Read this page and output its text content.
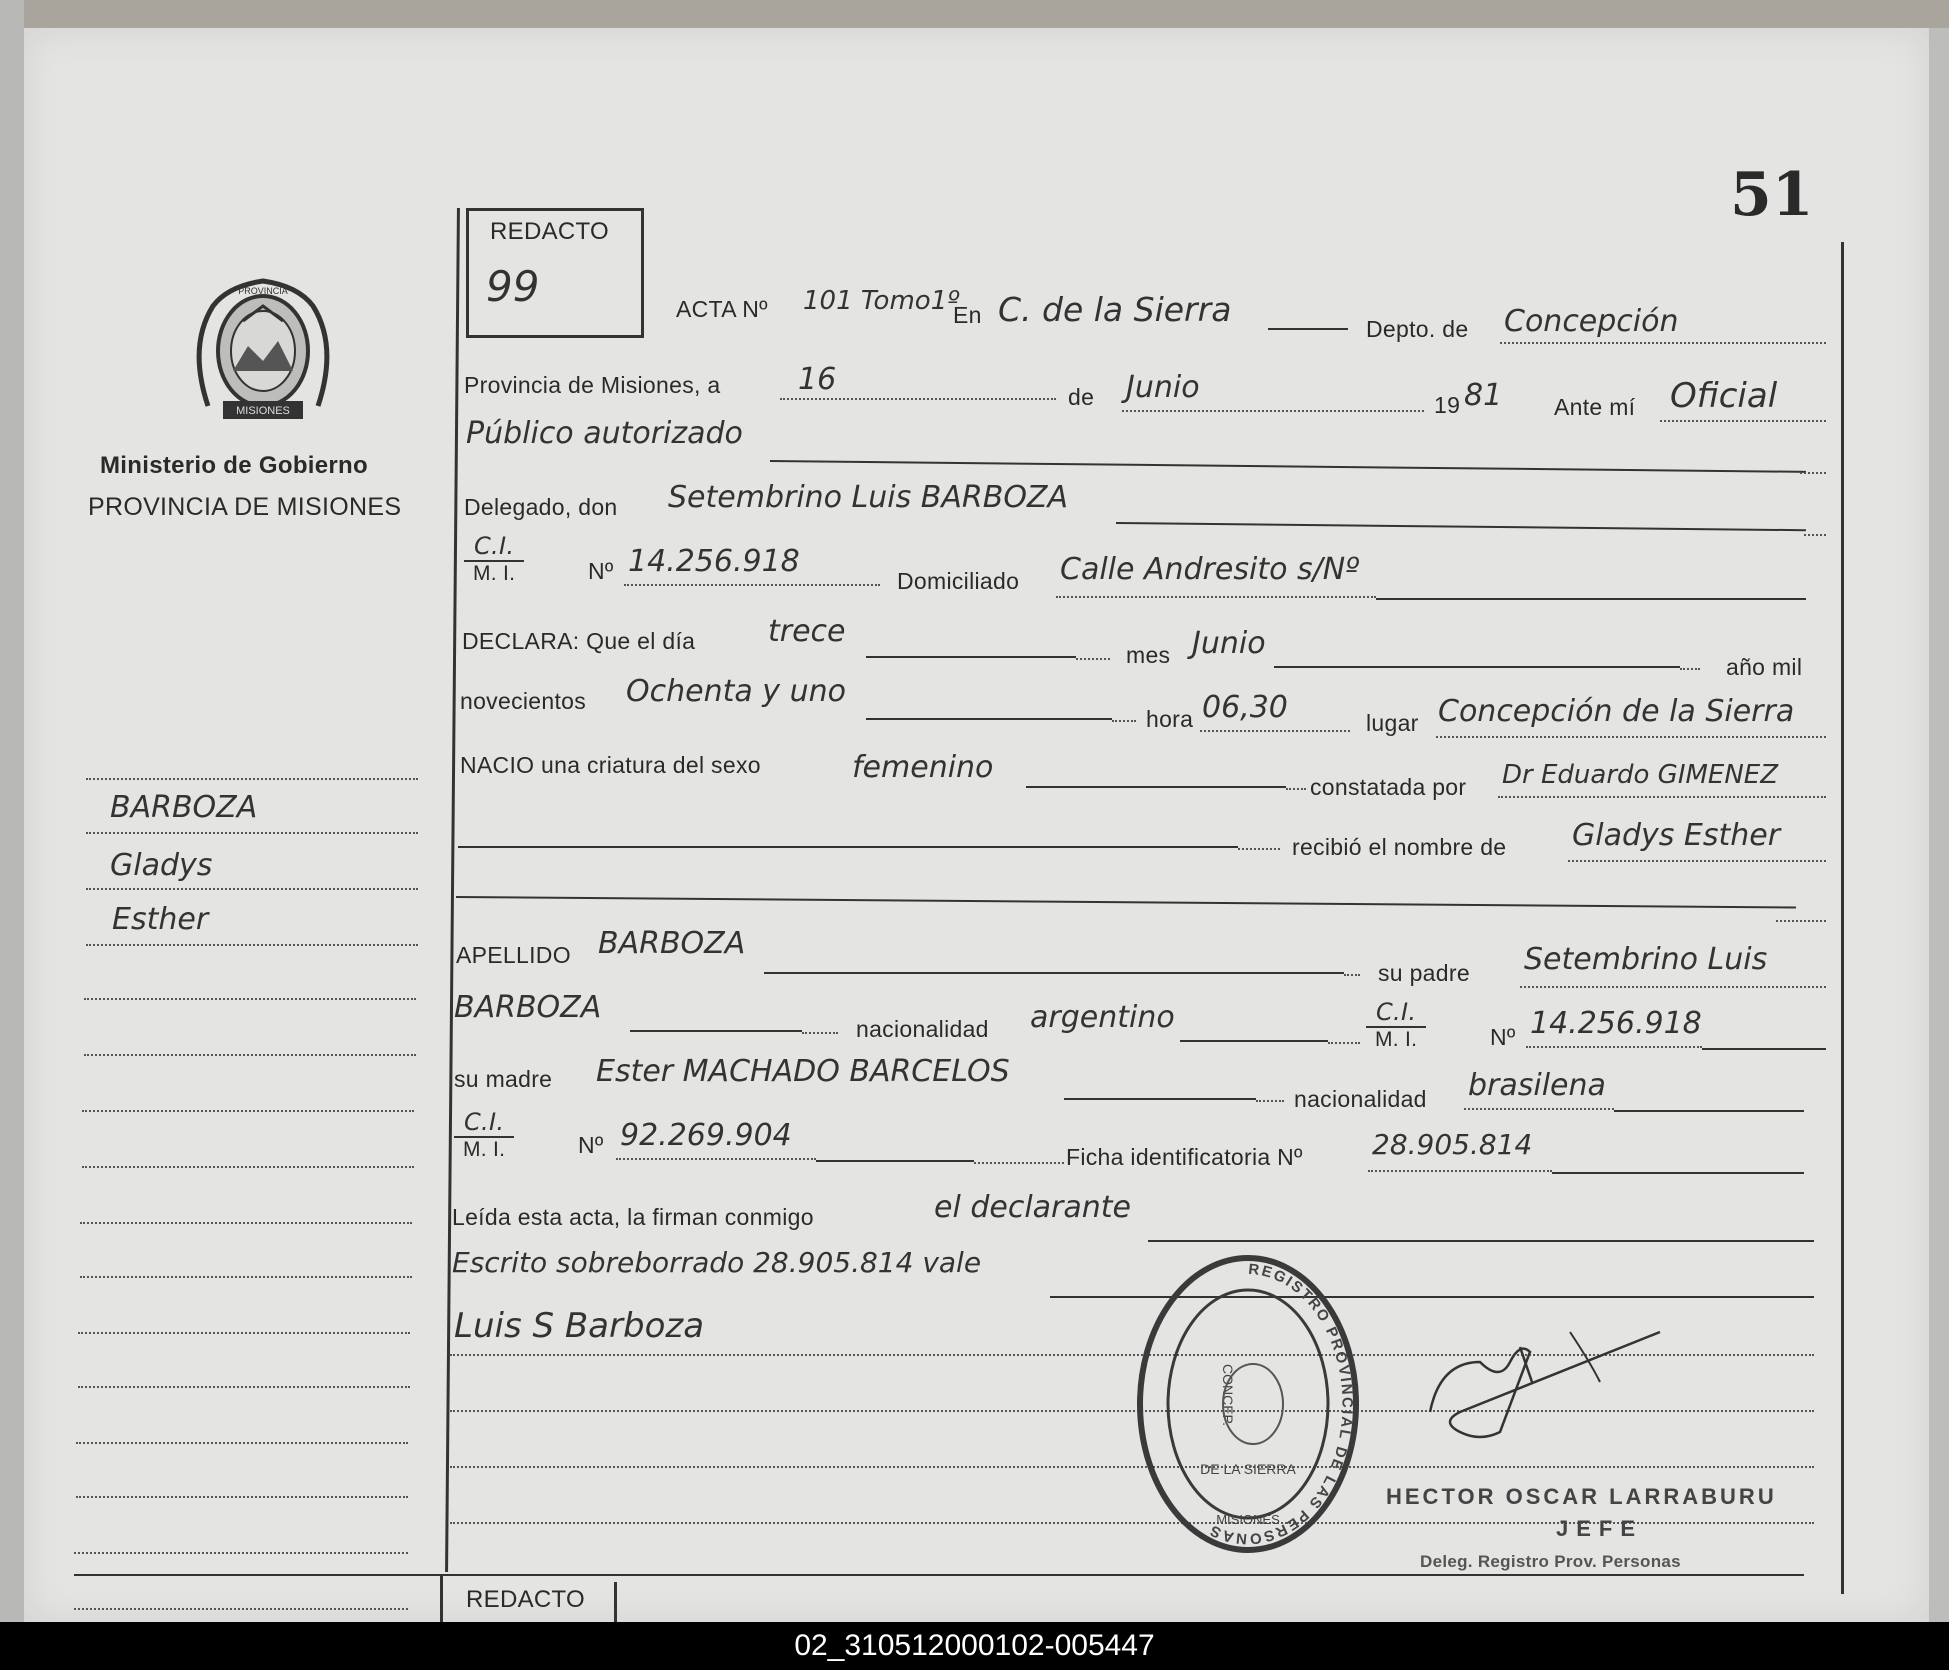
51
MISIONES
PROVINCIA
Ministerio de Gobierno
PROVINCIA DE MISIONES
BARBOZA
Gladys
Esther
REDACTO
99	ACTA Nº 101 Tomo1º
En C. de la Sierra	Depto. de Concepción
Provincia de Misiones, a	16	de Junio	19 81 Ante mí Oficial
Público autorizado
Delegado, don Setembrino Luis BARBOZA
C.I.
M. I.	Nº 14.256.918
Domiciliado Calle Andresito s/Nº
DECLARA: Que el día trece
mes Junio
año mil
novecientos Ochenta y uno
hora 06,30	lugar Concepción de la Sierra
NACIO una criatura del sexo	femenino
constatada por Dr Eduardo GIMENEZ
recibió el nombre de Gladys Esther
APELLIDO BARBOZA
su padre Setembrino Luis
BARBOZA
nacionalidad argentino	C.I.
M. I.	Nº 14.256.918
su madre Ester MACHADO BARCELOS
nacionalidad brasilena
C.I.
M. I.	Nº 92.269.904
Ficha identificatoria Nº 28.905.814
Leída esta acta, la firman conmigo	el declarante
Escrito sobreborrado 28.905.814 vale
Luis S Barboza
REGISTRO PROVINCIAL DE LAS PERSONAS
CONCEP.
DE LA SIERRA
MISIONES
HECTOR OSCAR LARRABURU
JEFE
Deleg. Registro Prov. Personas
REDACTO
02_310512000102-005447
